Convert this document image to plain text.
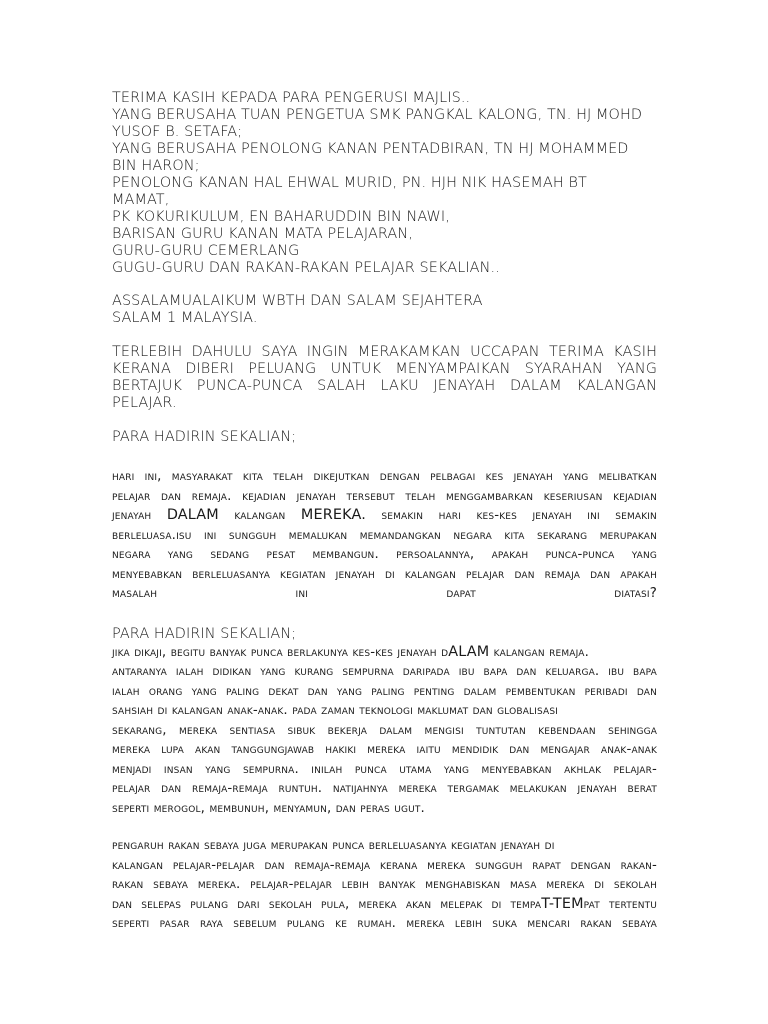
TERIMA KASIH KEPADA PARA PENGERUSI MAJLIS..
YANG BERUSAHA TUAN PENGETUA SMK PANGKAL KALONG, TN. HJ MOHD
YUSOF B. SETAFA;
YANG BERUSAHA PENOLONG KANAN PENTADBIRAN, TN HJ MOHAMMED
BIN HARON;
PENOLONG KANAN HAL EHWAL MURID, PN. HJH NIK HASEMAH BT
MAMAT,
PK KOKURIKULUM, EN BAHARUDDIN BIN NAWI,
BARISAN GURU KANAN MATA PELAJARAN,
GURU-GURU CEMERLANG
GUGU-GURU DAN RAKAN-RAKAN PELAJAR SEKALIAN..
ASSALAMUALAIKUM WBTH DAN SALAM SEJAHTERA
SALAM 1 MALAYSIA.
TERLEBIH DAHULU SAYA INGIN MERAKAMKAN UCCAPAN TERIMA KASIH
KERANA DIBERI PELUANG UNTUK MENYAMPAIKAN SYARAHAN YANG
BERTAJUK PUNCA-PUNCA SALAH LAKU JENAYAH DALAM KALANGAN
PELAJAR.
PARA HADIRIN SEKALIAN;
hari ini, masyarakat kita telah dikejutkan dengan pelbagai kes jenayah yang melibatkan
pelajar dan remaja. kejadian jenayah tersebut telah menggambarkan keseriusan kejadian
jenayah DALAM kalangan MEREKA. semakin hari kes-kes jenayah ini semakin
berleluasa.isu ini sungguh memalukan memandangkan negara kita sekarang merupakan
negara yang sedang pesat membangun. persoalannya, apakah punca-punca yang
menyebabkan berleluasanya kegiatan jenayah di kalangan pelajar dan remaja dan apakah
masalah	ini	dapat	diatasi?
PARA HADIRIN SEKALIAN;
jika dikaji, begitu banyak punca berlakunya kes-kes jenayah dALAM kalangan remaja.
antaranya ialah didikan yang kurang sempurna daripada ibu bapa dan keluarga. ibu bapa
ialah orang yang paling dekat dan yang paling penting dalam pembentukan peribadi dan
sahsiah di kalangan anak-anak. pada zaman teknologi maklumat dan globalisasi
sekarang, mereka sentiasa sibuk bekerja dalam mengisi tuntutan kebendaan sehingga
mereka lupa akan tanggungjawab hakiki mereka iaitu mendidik dan mengajar anak-anak
menjadi insan yang sempurna. inilah punca utama yang menyebabkan akhlak pelajar-
pelajar dan remaja-remaja runtuh. natijahnya mereka tergamak melakukan jenayah berat
seperti merogol, membunuh, menyamun, dan peras ugut.
pengaruh rakan sebaya juga merupakan punca berleluasanya kegiatan jenayah di
kalangan pelajar-pelajar dan remaja-remaja kerana mereka sungguh rapat dengan rakan-
rakan sebaya mereka. pelajar-pelajar lebih banyak menghabiskan masa mereka di sekolah
dan selepas pulang dari sekolah pula, mereka akan melepak di tempaT-TEMpat tertentu
seperti pasar raya sebelum pulang ke rumah. mereka lebih suka mencari rakan sebaya
